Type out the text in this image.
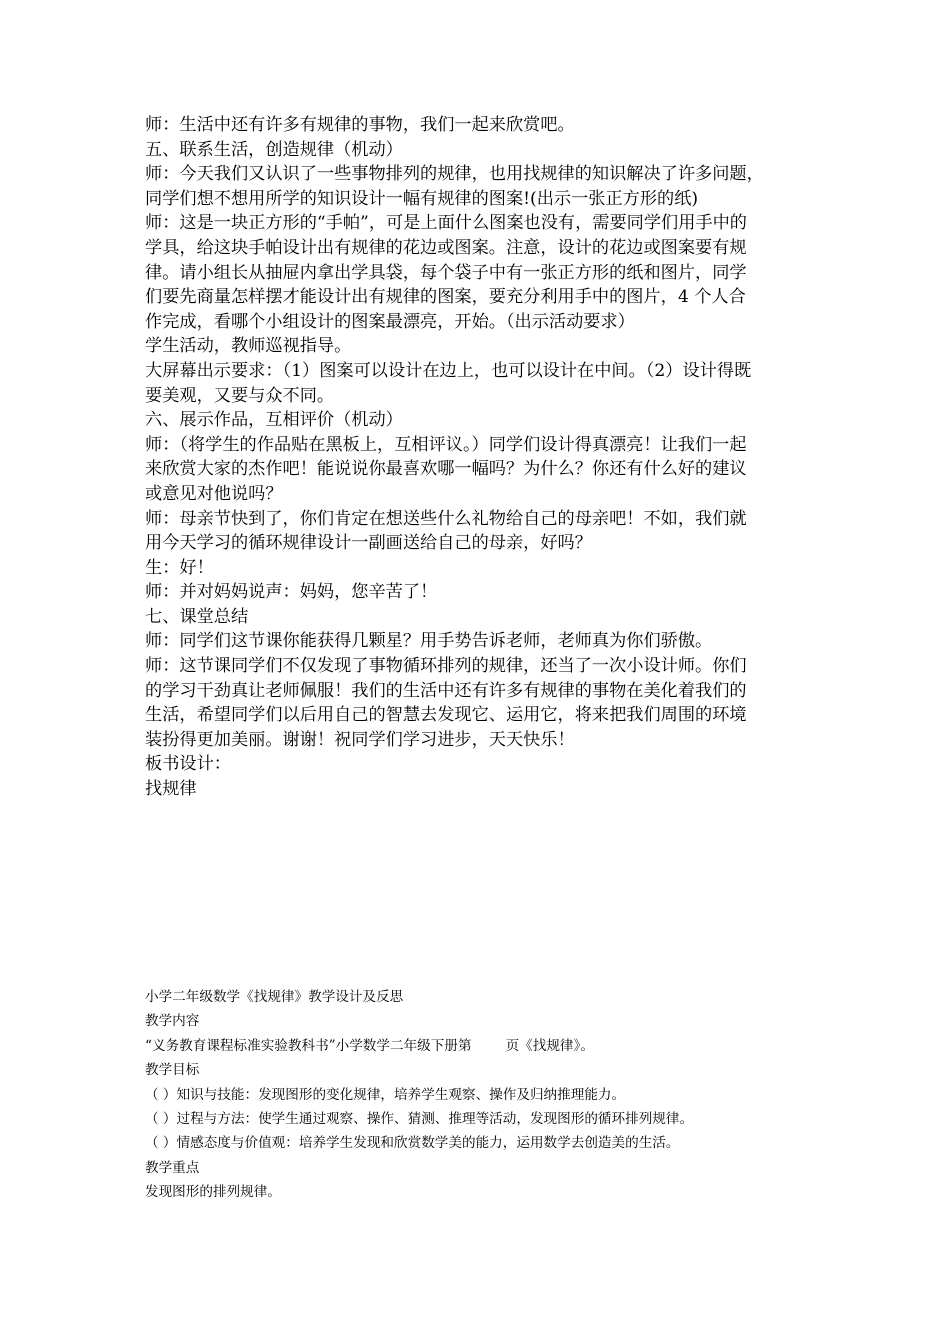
师：生活中还有许多有规律的事物，我们一起来欣赏吧。

五、联系生活，创造规律（机动）

师：今天我们又认识了一些事物排列的规律，也用找规律的知识解决了许多问题，

同学们想不想用所学的知识设计一幅有规律的图案!(出示一张正方形的纸)

师：这是一块正方形的“手帕”，可是上面什么图案也没有，需要同学们用手中的

学具，给这块手帕设计出有规律的花边或图案。注意，设计的花边或图案要有规

律。请小组长从抽屉内拿出学具袋，每个袋子中有一张正方形的纸和图片，同学

们要先商量怎样摆才能设计出有规律的图案，要充分利用手中的图片，4 个人合

作完成，看哪个小组设计的图案最漂亮，开始。（出示活动要求）

学生活动，教师巡视指导。

大屏幕出示要求：（1）图案可以设计在边上，也可以设计在中间。（2）设计得既

要美观，又要与众不同。

六、展示作品，互相评价（机动）

师：（将学生的作品贴在黑板上，互相评议。）同学们设计得真漂亮！让我们一起

来欣赏大家的杰作吧！能说说你最喜欢哪一幅吗？为什么？你还有什么好的建议

或意见对他说吗？

师：母亲节快到了，你们肯定在想送些什么礼物给自己的母亲吧！不如，我们就

用今天学习的循环规律设计一副画送给自己的母亲，好吗？

生：好！

师：并对妈妈说声：妈妈，您辛苦了！

七、课堂总结

师：同学们这节课你能获得几颗星？用手势告诉老师，老师真为你们骄傲。

师：这节课同学们不仅发现了事物循环排列的规律，还当了一次小设计师。你们

的学习干劲真让老师佩服！我们的生活中还有许多有规律的事物在美化着我们的

生活，希望同学们以后用自己的智慧去发现它、运用它，将来把我们周围的环境

装扮得更加美丽。谢谢！祝同学们学习进步，天天快乐！

板书设计：

找规律

小学二年级数学《找规律》教学设计及反思

教学内容

“义务教育课程标准实验教科书”小学数学二年级下册第	页《找规律》。

教学目标

（ ）知识与技能：发现图形的变化规律，培养学生观察、操作及归纳推理能力。

（ ）过程与方法：使学生通过观察、操作、猜测、推理等活动，发现图形的循环排列规律。

（ ）情感态度与价值观：培养学生发现和欣赏数学美的能力，运用数学去创造美的生活。

教学重点

发现图形的排列规律。
